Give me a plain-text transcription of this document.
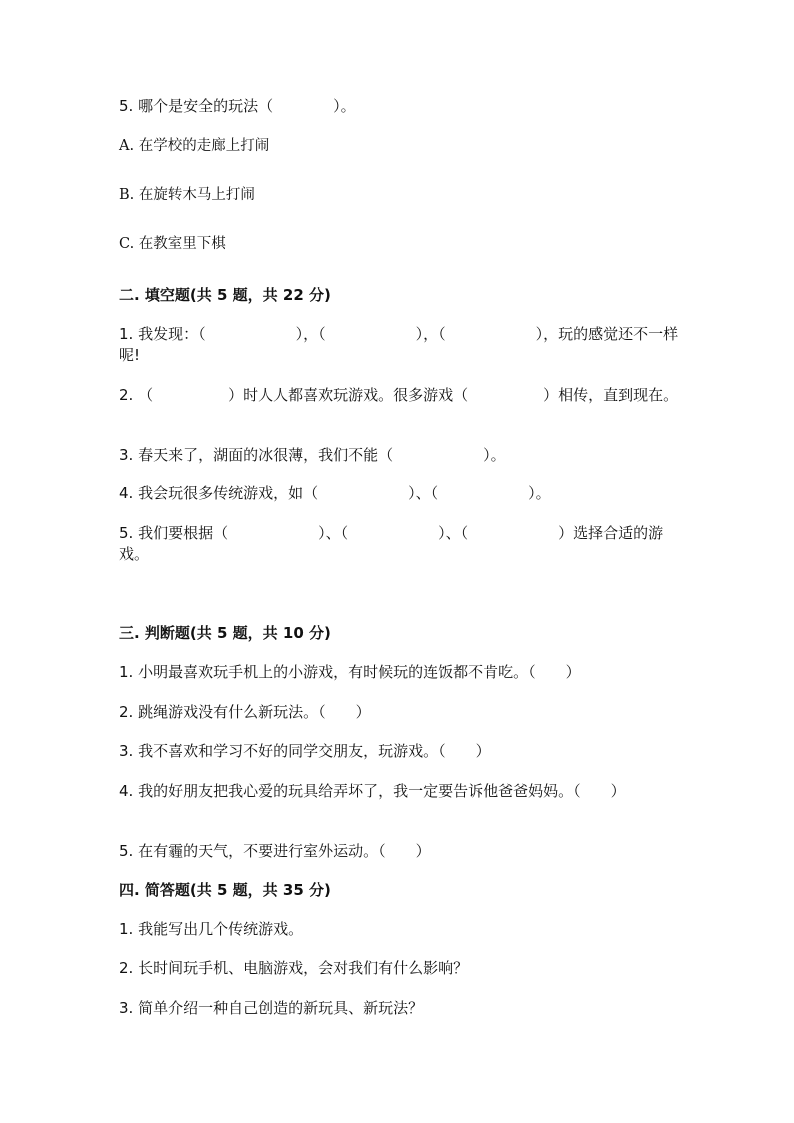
5. 哪个是安全的玩法（　　　　）。

A. 在学校的走廊上打闹

B. 在旋转木马上打闹

C. 在教室里下棋

二. 填空题(共 5 题，共 22 分)

1. 我发现：（　　　　　　），（　　　　　　），（　　　　　　），玩的感觉还不一样呢!

2. （　　　　　）时人人都喜欢玩游戏。很多游戏（　　　　　）相传，直到现在。

3. 春天来了，湖面的冰很薄，我们不能（　　　　　　）。

4. 我会玩很多传统游戏，如（　　　　　　）、（　　　　　　）。

5. 我们要根据（　　　　　　）、（　　　　　　）、（　　　　　　）选择合适的游戏。

三. 判断题(共 5 题，共 10 分)

1. 小明最喜欢玩手机上的小游戏，有时候玩的连饭都不肯吃。（　　）

2. 跳绳游戏没有什么新玩法。（　　）

3. 我不喜欢和学习不好的同学交朋友，玩游戏。（　　）

4. 我的好朋友把我心爱的玩具给弄坏了，我一定要告诉他爸爸妈妈。（　　）

5. 在有霾的天气，不要进行室外运动。（　　）

四. 简答题(共 5 题，共 35 分)

1. 我能写出几个传统游戏。

2. 长时间玩手机、电脑游戏，会对我们有什么影响？

3. 简单介绍一种自己创造的新玩具、新玩法？
